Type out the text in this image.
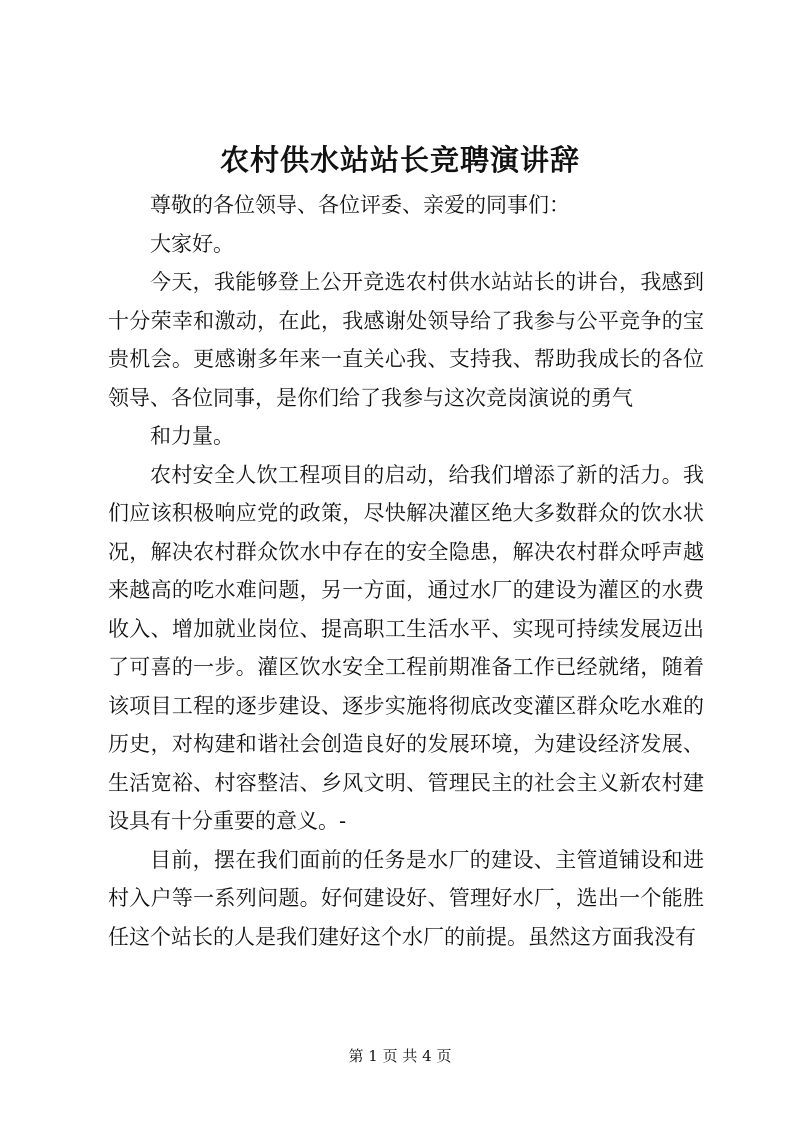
农村供水站站长竞聘演讲辞

尊敬的各位领导、各位评委、亲爱的同事们：

大家好。

今天，我能够登上公开竞选农村供水站站长的讲台，我感到十分荣幸和激动，在此，我感谢处领导给了我参与公平竞争的宝贵机会。更感谢多年来一直关心我、支持我、帮助我成长的各位领导、各位同事，是你们给了我参与这次竞岗演说的勇气

和力量。

农村安全人饮工程项目的启动，给我们增添了新的活力。我们应该积极响应党的政策，尽快解决灌区绝大多数群众的饮水状况，解决农村群众饮水中存在的安全隐患，解决农村群众呼声越来越高的吃水难问题，另一方面，通过水厂的建设为灌区的水费收入、增加就业岗位、提高职工生活水平、实现可持续发展迈出了可喜的一步。灌区饮水安全工程前期准备工作已经就绪，随着该项目工程的逐步建设、逐步实施将彻底改变灌区群众吃水难的历史，对构建和谐社会创造良好的发展环境，为建设经济发展、生活宽裕、村容整洁、乡风文明、管理民主的社会主义新农村建设具有十分重要的意义。-

目前，摆在我们面前的任务是水厂的建设、主管道铺设和进村入户等一系列问题。好何建设好、管理好水厂，选出一个能胜任这个站长的人是我们建好这个水厂的前提。虽然这方面我没有

第 1 页 共 4 页
